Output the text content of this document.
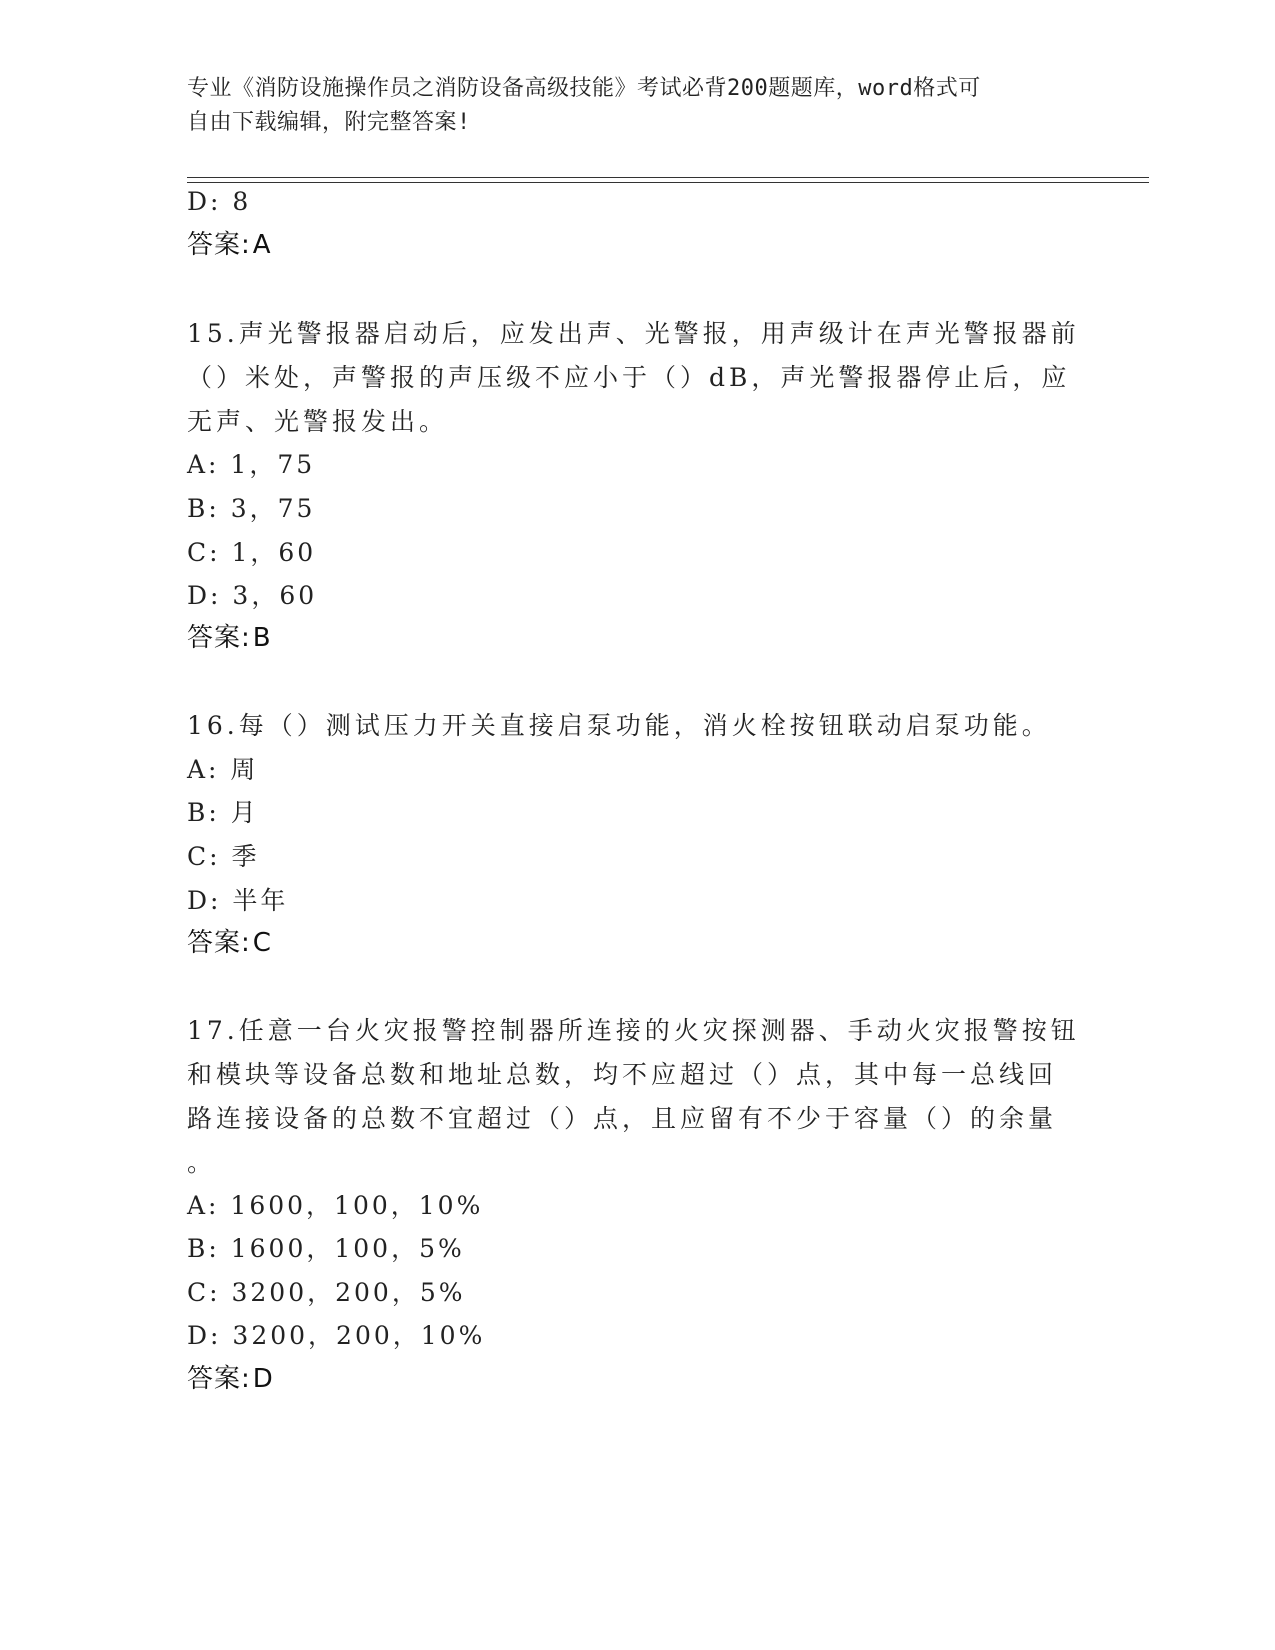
专业《消防设施操作员之消防设备高级技能》考试必背200题题库，word格式可
自由下载编辑，附完整答案!
D: 8
答案:A
15.声光警报器启动后，应发出声、光警报，用声级计在声光警报器前
（）米处，声警报的声压级不应小于（）dB，声光警报器停止后，应
无声、光警报发出。
A: 1，75
B: 3，75
C: 1，60
D: 3，60
答案:B
16.每（）测试压力开关直接启泵功能，消火栓按钮联动启泵功能。
A: 周
B: 月
C: 季
D: 半年
答案:C
17.任意一台火灾报警控制器所连接的火灾探测器、手动火灾报警按钮
和模块等设备总数和地址总数，均不应超过（）点，其中每一总线回
路连接设备的总数不宜超过（）点，且应留有不少于容量（）的余量
。
A: 1600，100，10%
B: 1600，100，5%
C: 3200，200，5%
D: 3200，200，10%
答案:D
